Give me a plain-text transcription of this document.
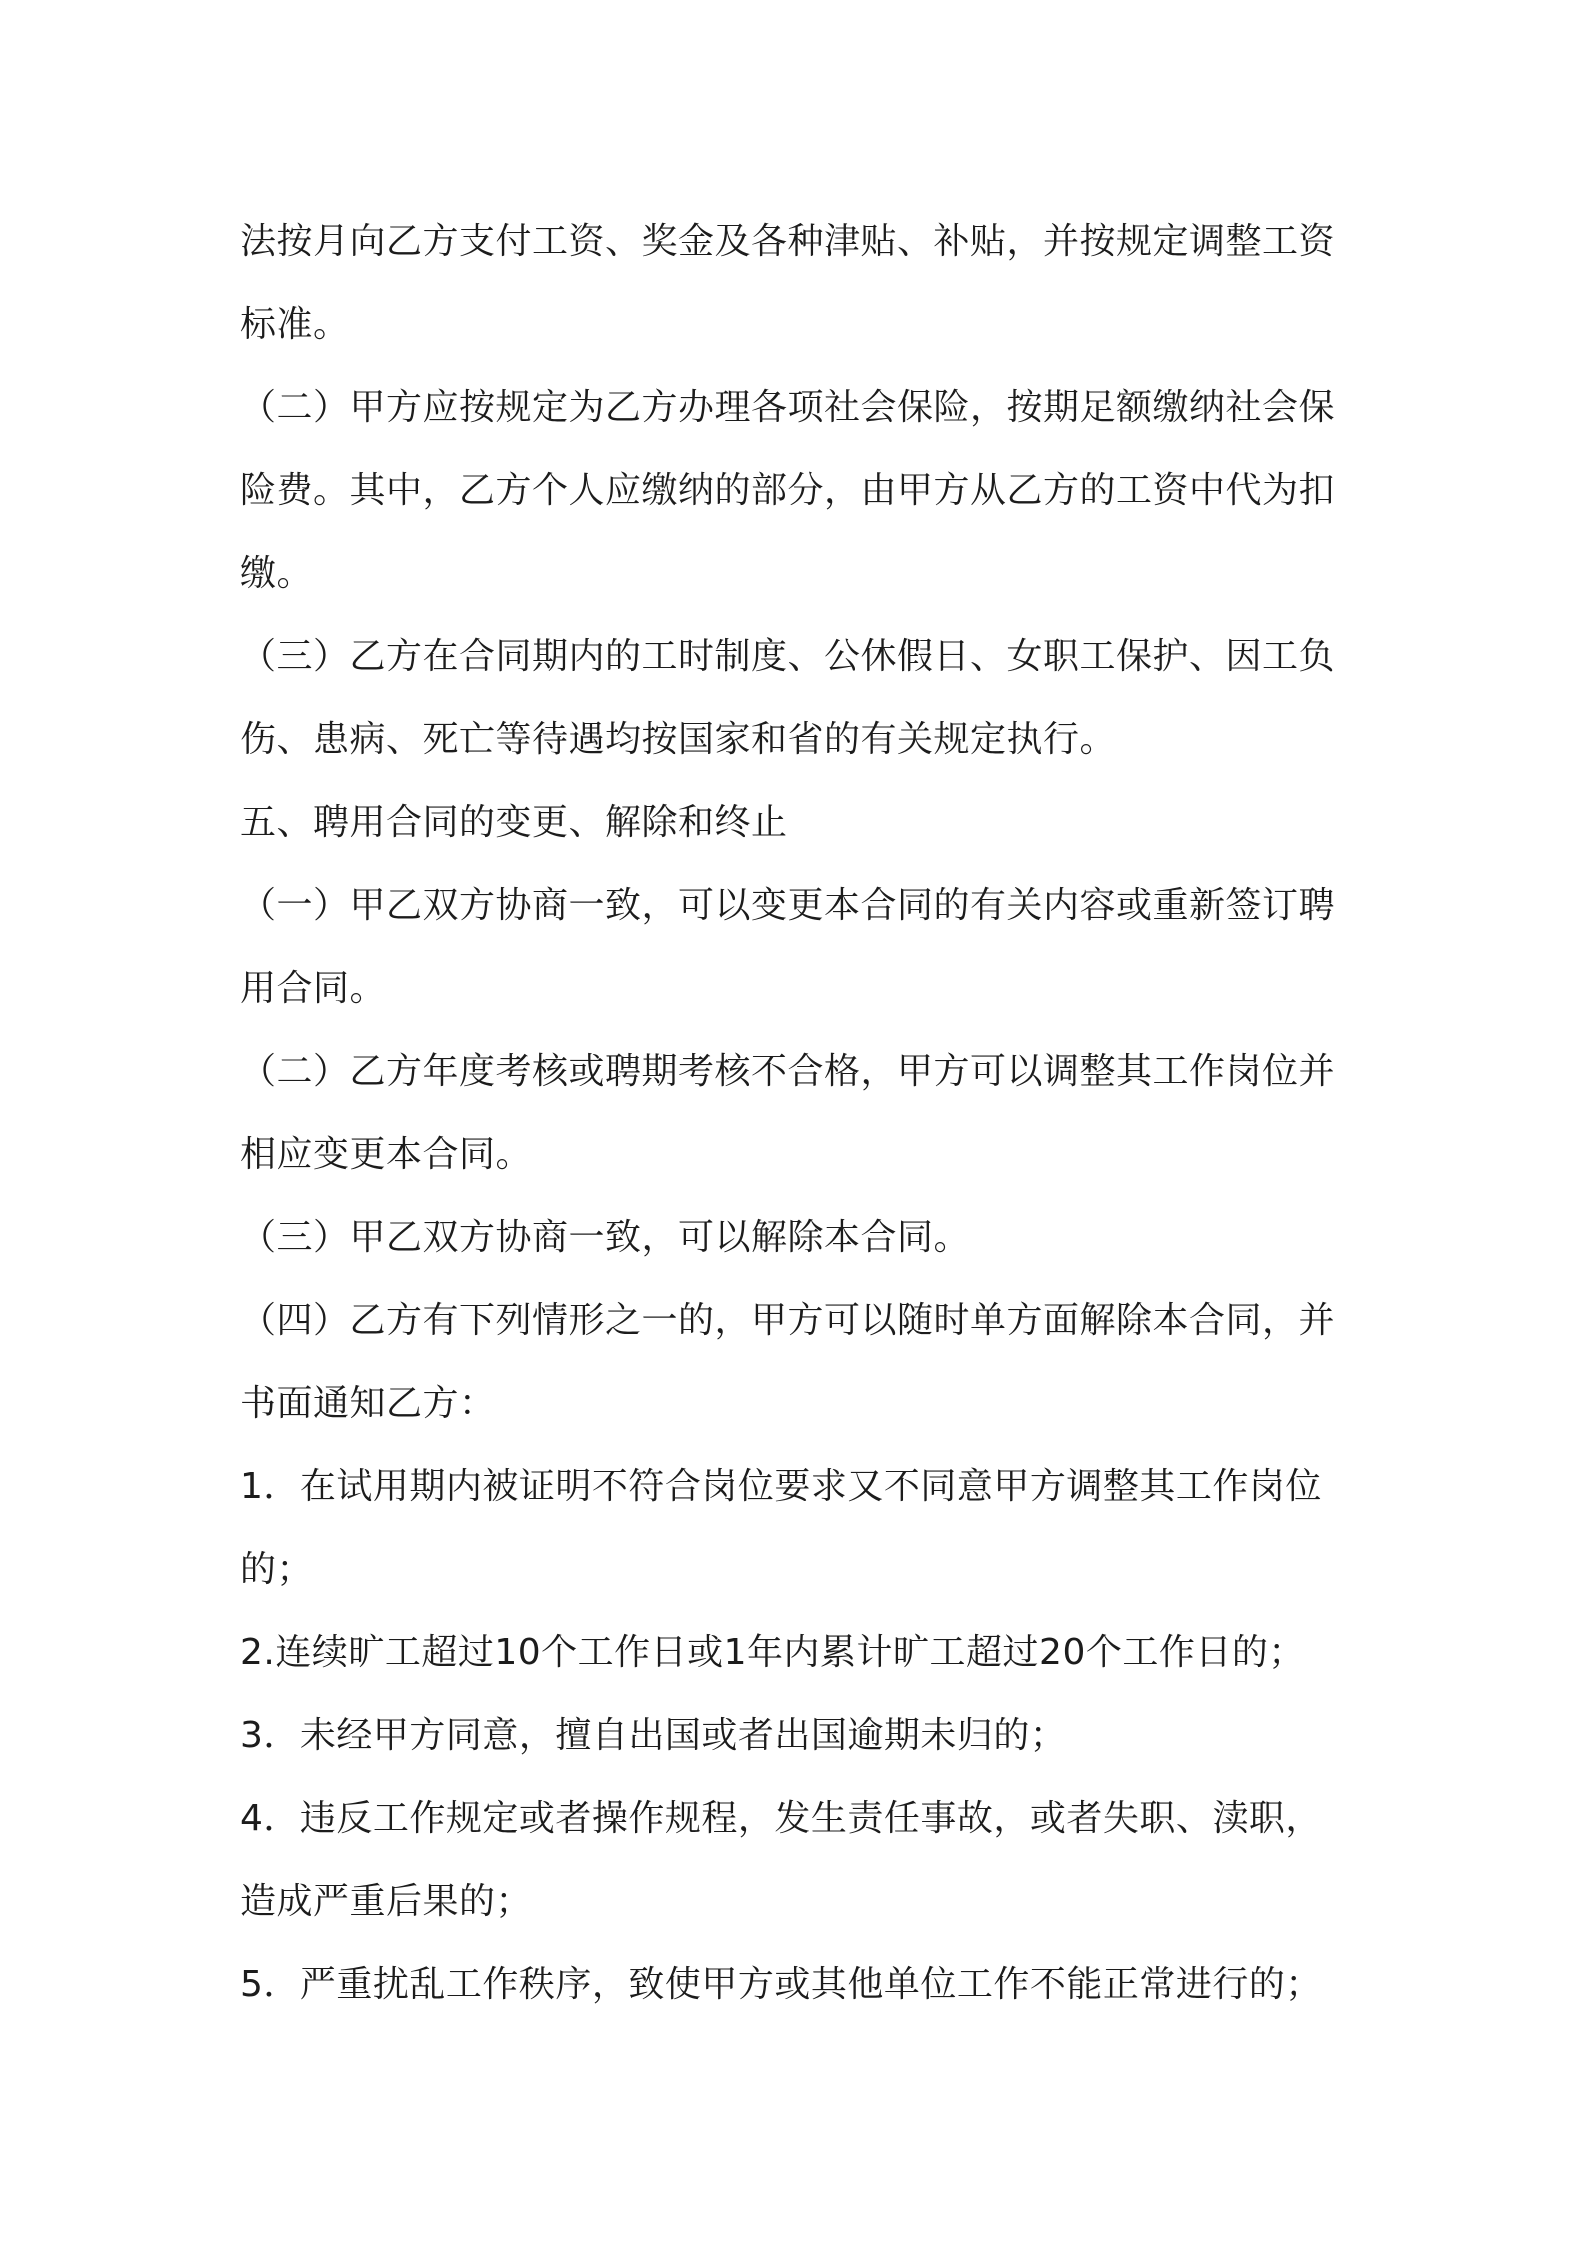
法按月向乙方支付工资、奖金及各种津贴、补贴，并按规定调整工资
标准。

（二）甲方应按规定为乙方办理各项社会保险，按期足额缴纳社会保
险费。其中，乙方个人应缴纳的部分，由甲方从乙方的工资中代为扣
缴。

（三）乙方在合同期内的工时制度、公休假日、女职工保护、因工负
伤、患病、死亡等待遇均按国家和省的有关规定执行。

五、聘用合同的变更、解除和终止

（一）甲乙双方协商一致，可以变更本合同的有关内容或重新签订聘
用合同。

（二）乙方年度考核或聘期考核不合格，甲方可以调整其工作岗位并
相应变更本合同。

（三）甲乙双方协商一致，可以解除本合同。

（四）乙方有下列情形之一的，甲方可以随时单方面解除本合同，并
书面通知乙方：

1．在试用期内被证明不符合岗位要求又不同意甲方调整其工作岗位
的；

2.连续旷工超过10个工作日或1年内累计旷工超过20个工作日的；

3．未经甲方同意，擅自出国或者出国逾期未归的；

4．违反工作规定或者操作规程，发生责任事故，或者失职、渎职，
造成严重后果的；

5．严重扰乱工作秩序，致使甲方或其他单位工作不能正常进行的；
